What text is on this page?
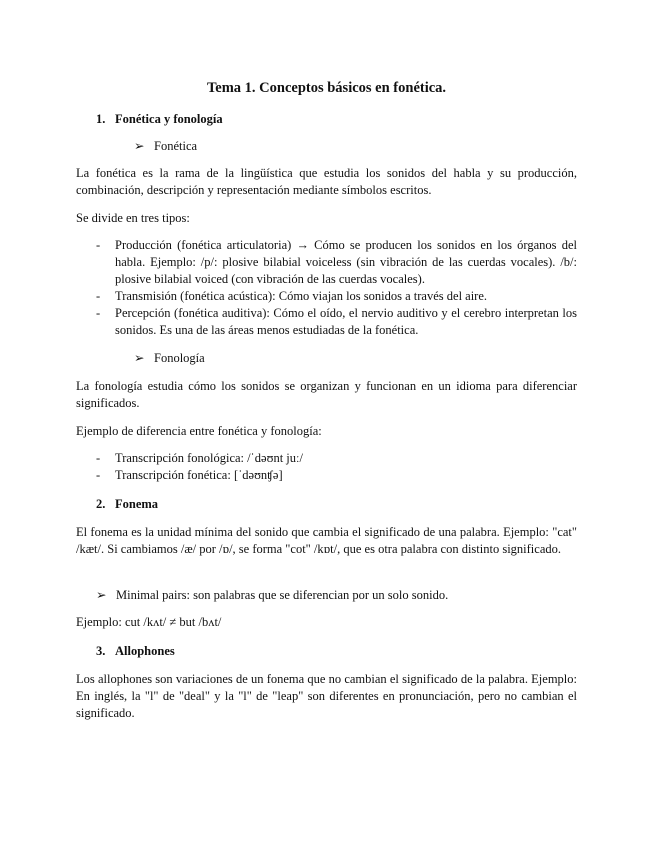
Tema 1. Conceptos básicos en fonética.
1. Fonética y fonología
➢ Fonética
La fonética es la rama de la lingüística que estudia los sonidos del habla y su producción, combinación, descripción y representación mediante símbolos escritos.
Se divide en tres tipos:
- Producción (fonética articulatoria) → Cómo se producen los sonidos en los órganos del habla. Ejemplo: /p/: plosive bilabial voiceless (sin vibración de las cuerdas vocales). /b/: plosive bilabial voiced (con vibración de las cuerdas vocales).
- Transmisión (fonética acústica): Cómo viajan los sonidos a través del aire.
- Percepción (fonética auditiva): Cómo el oído, el nervio auditivo y el cerebro interpretan los sonidos. Es una de las áreas menos estudiadas de la fonética.
➢ Fonología
La fonología estudia cómo los sonidos se organizan y funcionan en un idioma para diferenciar significados.
Ejemplo de diferencia entre fonética y fonología:
- Transcripción fonológica: /ˈdəʊnt juː/
- Transcripción fonética: [ˈdəʊnʧə]
2. Fonema
El fonema es la unidad mínima del sonido que cambia el significado de una palabra. Ejemplo: "cat" /kæt/. Si cambiamos /æ/ por /ɒ/, se forma "cot" /kɒt/, que es otra palabra con distinto significado.
➢ Minimal pairs: son palabras que se diferencian por un solo sonido.
Ejemplo: cut /kʌt/ ≠ but /bʌt/
3. Allophones
Los allophones son variaciones de un fonema que no cambian el significado de la palabra. Ejemplo: En inglés, la "l" de "deal" y la "l" de "leap" son diferentes en pronunciación, pero no cambian el significado.
